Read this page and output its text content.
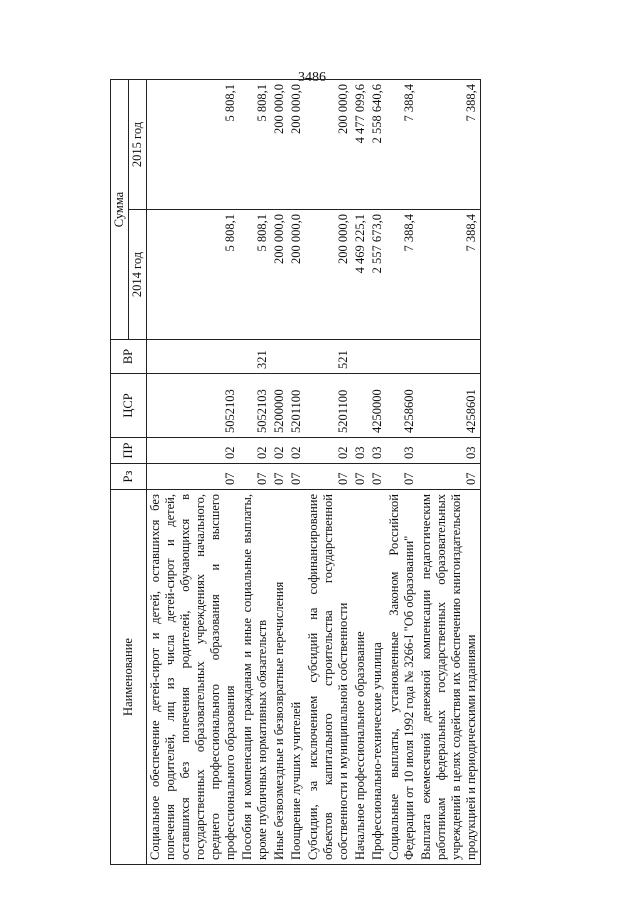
3486
Наименование	Рз	ПР	ЦСР	ВР	Сумма	
					2014 год	2015 год
Социальное обеспечение детей-сирот и детей, оставшихся без попечения родителей, лиц из числа детей-сирот и детей, оставшихся без попечения родителей, обучающихся в государственных образовательных учреждениях начального, среднего профессионального образования и высшего профессионального образования	07	02	5052103		5 808,1	5 808,1
Пособия и компенсации гражданам и иные социальные выплаты, кроме публичных нормативных обязательств	07	02	5052103	321	5 808,1	5 808,1
Иные безвозмездные и безвозвратные перечисления	07	02	5200000		200 000,0	200 000,0
Поощрение лучших учителей	07	02	5201100		200 000,0	200 000,0
Субсидии, за исключением субсидий на софинансирование объектов капитального строительства государственной собственности и муниципальной собственности	07	02	5201100	521	200 000,0	200 000,0
Начальное профессиональное образование	07	03			4 469 225,1	4 477 099,6
Профессионально-технические училища	07	03	4250000		2 557 673,0	2 558 640,6
Социальные выплаты, установленные Законом Российской Федерации от 10 июля 1992 года № 3266-I "Об образовании"	07	03	4258600		7 388,4	7 388,4
Выплата ежемесячной денежной компенсации педагогическим работникам федеральных государственных образовательных учреждений в целях содействия их обеспечению книгоиздательской продукцией и периодическими изданиями	07	03	4258601		7 388,4	7 388,4
